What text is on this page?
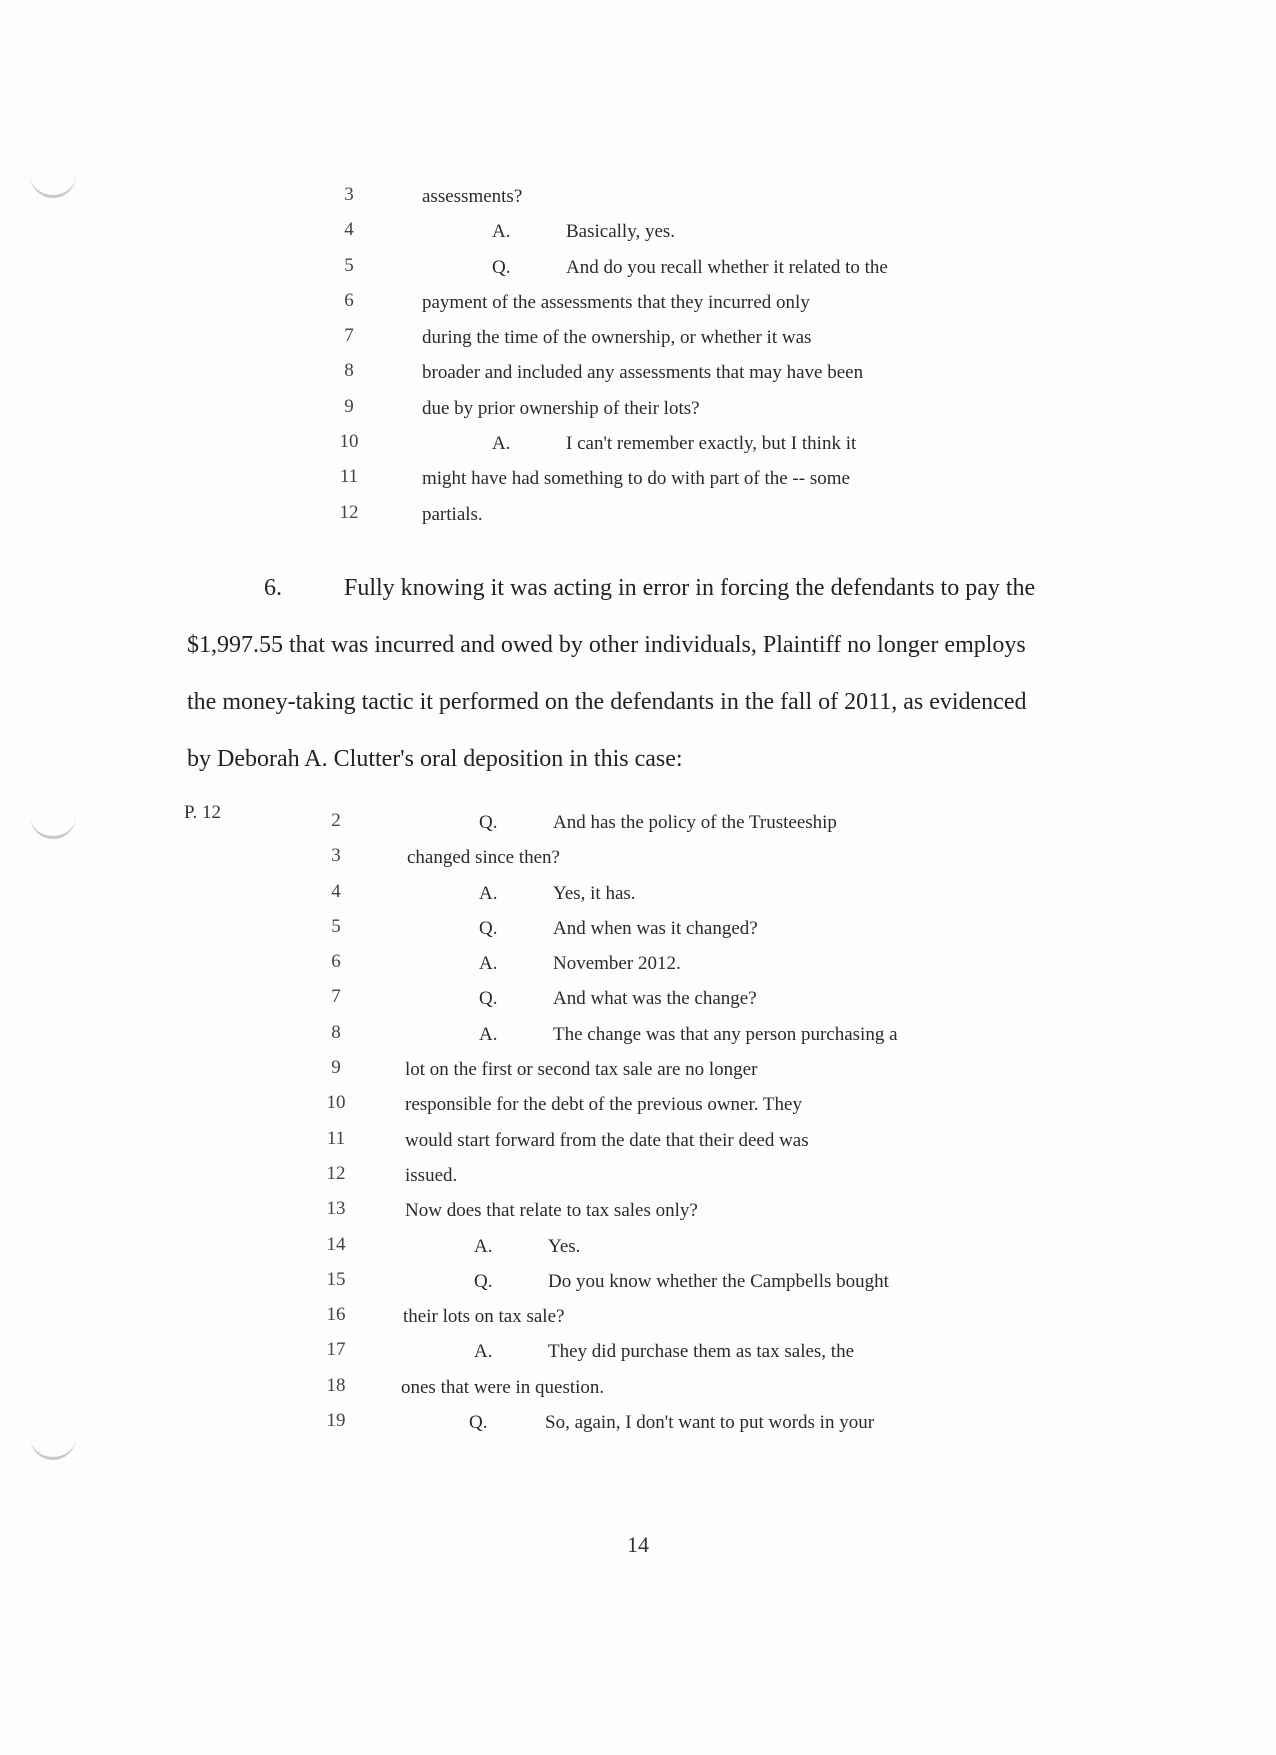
3	assessments?
4	A.	Basically, yes.
5	Q.	And do you recall whether it related to the
6	payment of the assessments that they incurred only
7	during the time of the ownership, or whether it was
8	broader and included any assessments that may have been
9	due by prior ownership of their lots?
10	A.	I can't remember exactly, but I think it
11	might have had something to do with part of the -- some
12	partials.
6.	Fully knowing it was acting in error in forcing the defendants to pay the
$1,997.55 that was incurred and owed by other individuals, Plaintiff no longer employs
the money-taking tactic it performed on the defendants in the fall of 2011, as evidenced
by Deborah A. Clutter's oral deposition in this case:
P. 12	2	Q.	And has the policy of the Trusteeship
3	changed since then?
4	A.	Yes, it has.
5	Q.	And when was it changed?
6	A.	November 2012.
7	Q.	And what was the change?
8	A.	The change was that any person purchasing a
9	lot on the first or second tax sale are no longer
10	responsible for the debt of the previous owner. They
11	would start forward from the date that their deed was
12	issued.
13	Now does that relate to tax sales only?
14	A.	Yes.
15	Q.	Do you know whether the Campbells bought
16	their lots on tax sale?
17	A.	They did purchase them as tax sales, the
18	ones that were in question.
19	Q.	So, again, I don't want to put words in your
14
